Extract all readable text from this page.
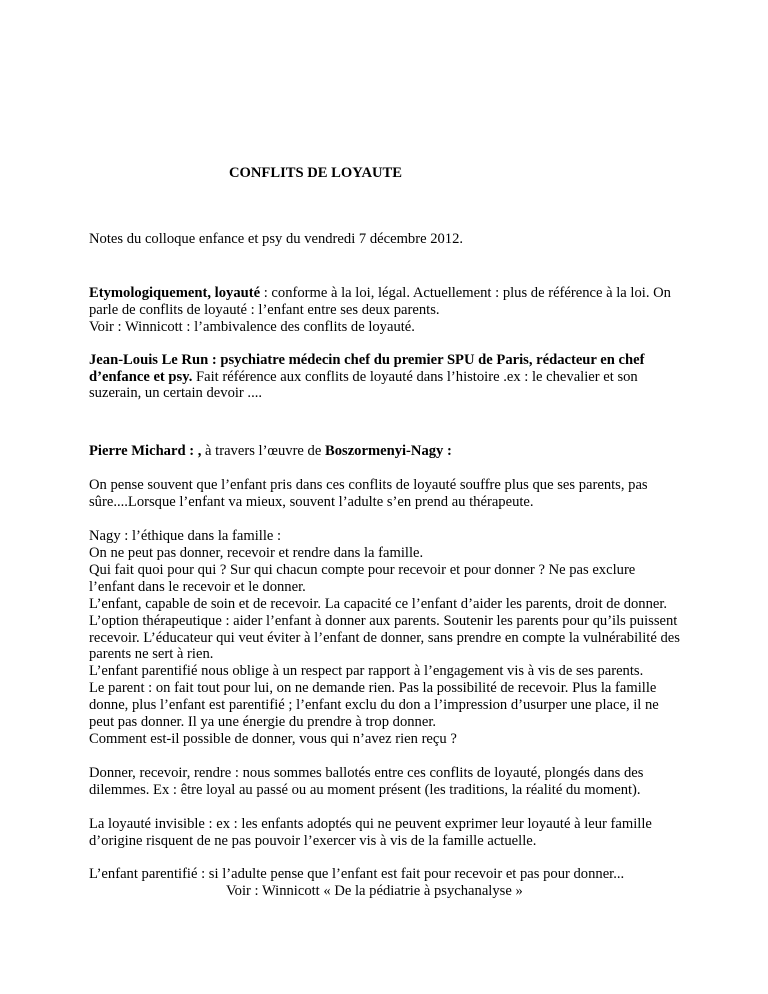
CONFLITS DE LOYAUTE

Notes du colloque enfance et psy du vendredi 7 décembre 2012.

Etymologiquement, loyauté : conforme à la loi, légal. Actuellement : plus de référence à la loi. On parle de conflits de loyauté : l’enfant entre ses deux parents.
Voir : Winnicott : l’ambivalence des conflits de loyauté.

Jean-Louis Le Run : psychiatre médecin chef du premier SPU de Paris, rédacteur en chef d’enfance et psy. Fait référence aux conflits de loyauté dans l’histoire .ex : le chevalier et son suzerain, un certain devoir ....

Pierre Michard : , à travers l’œuvre de Boszormenyi-Nagy :

On pense souvent que l’enfant pris dans ces conflits de loyauté souffre plus que ses parents, pas sûre....Lorsque l’enfant va mieux, souvent l’adulte s’en prend au thérapeute.

Nagy : l’éthique dans la famille :

On ne peut pas donner, recevoir et rendre dans la famille.

Qui fait quoi pour qui ? Sur qui chacun compte pour recevoir et pour donner ? Ne pas exclure l’enfant dans le recevoir et le donner.

L’enfant, capable de soin et de recevoir. La capacité ce l’enfant d’aider les parents, droit de donner. L’option thérapeutique : aider l’enfant à donner aux parents. Soutenir les parents pour qu’ils puissent recevoir. L’éducateur qui veut éviter à l’enfant de donner, sans prendre en compte la vulnérabilité des parents ne sert à rien.

L’enfant parentifié nous oblige à un respect par rapport à l’engagement vis à vis de ses parents.

Le parent : on fait tout pour lui, on ne demande rien. Pas la possibilité de recevoir. Plus la famille donne, plus l’enfant est parentifié ; l’enfant exclu du don a l’impression d’usurper une place, il ne peut pas donner. Il ya une énergie du prendre à trop donner.

Comment est-il possible de donner, vous qui n’avez rien reçu ?

Donner, recevoir, rendre : nous sommes ballotés entre ces conflits de loyauté, plongés dans des dilemmes. Ex : être loyal au passé ou au moment présent (les traditions, la réalité du moment).

La loyauté invisible : ex : les enfants adoptés qui ne peuvent exprimer leur loyauté à leur famille d’origine risquent de ne pas pouvoir l’exercer vis à vis de la famille actuelle.

L’enfant parentifié : si l’adulte pense que l’enfant est fait pour recevoir et pas pour donner...

Voir : Winnicott « De la pédiatrie à psychanalyse »
